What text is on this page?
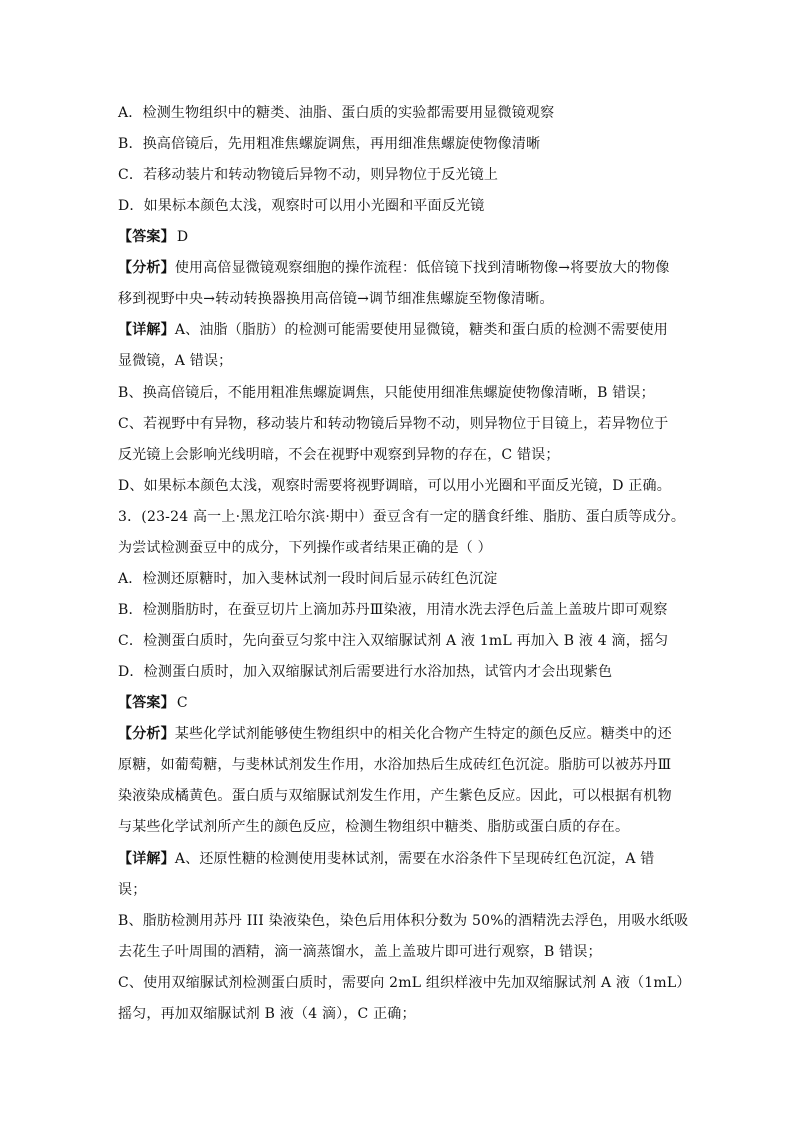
A．检测生物组织中的糖类、油脂、蛋白质的实验都需要用显微镜观察
B．换高倍镜后，先用粗准焦螺旋调焦，再用细准焦螺旋使物像清晰
C．若移动装片和转动物镜后异物不动，则异物位于反光镜上
D．如果标本颜色太浅，观察时可以用小光圈和平面反光镜
【答案】 D
【分析】使用高倍显微镜观察细胞的操作流程：低倍镜下找到清晰物像→将要放大的物像
移到视野中央→转动转换器换用高倍镜→调节细准焦螺旋至物像清晰。
【详解】A、油脂（脂肪）的检测可能需要使用显微镜，糖类和蛋白质的检测不需要使用
显微镜，A 错误；
B、换高倍镜后，不能用粗准焦螺旋调焦，只能使用细准焦螺旋使物像清晰，B 错误；
C、若视野中有异物，移动装片和转动物镜后异物不动，则异物位于目镜上，若异物位于
反光镜上会影响光线明暗，不会在视野中观察到异物的存在，C 错误；
D、如果标本颜色太浅，观察时需要将视野调暗，可以用小光圈和平面反光镜，D 正确。
3．(23-24 高一上·黑龙江哈尔滨·期中）蚕豆含有一定的膳食纤维、脂肪、蛋白质等成分。
为尝试检测蚕豆中的成分，下列操作或者结果正确的是（ ）
A．检测还原糖时，加入斐林试剂一段时间后显示砖红色沉淀
B．检测脂肪时，在蚕豆切片上滴加苏丹Ⅲ染液，用清水洗去浮色后盖上盖玻片即可观察
C．检测蛋白质时，先向蚕豆匀浆中注入双缩脲试剂 A 液 1mL 再加入 B 液 4 滴，摇匀
D．检测蛋白质时，加入双缩脲试剂后需要进行水浴加热，试管内才会出现紫色
【答案】 C
【分析】某些化学试剂能够使生物组织中的相关化合物产生特定的颜色反应。糖类中的还
原糖，如葡萄糖，与斐林试剂发生作用，水浴加热后生成砖红色沉淀。脂肪可以被苏丹Ⅲ
染液染成橘黄色。蛋白质与双缩脲试剂发生作用，产生紫色反应。因此，可以根据有机物
与某些化学试剂所产生的颜色反应，检测生物组织中糖类、脂肪或蛋白质的存在。
【详解】A、还原性糖的检测使用斐林试剂，需要在水浴条件下呈现砖红色沉淀，A 错
误；
B、脂肪检测用苏丹 III 染液染色，染色后用体积分数为 50%的酒精洗去浮色，用吸水纸吸
去花生子叶周围的酒精，滴一滴蒸馏水，盖上盖玻片即可进行观察，B 错误；
C、使用双缩脲试剂检测蛋白质时，需要向 2mL 组织样液中先加双缩脲试剂 A 液（1mL）
摇匀，再加双缩脲试剂 B 液（4 滴），C 正确；
